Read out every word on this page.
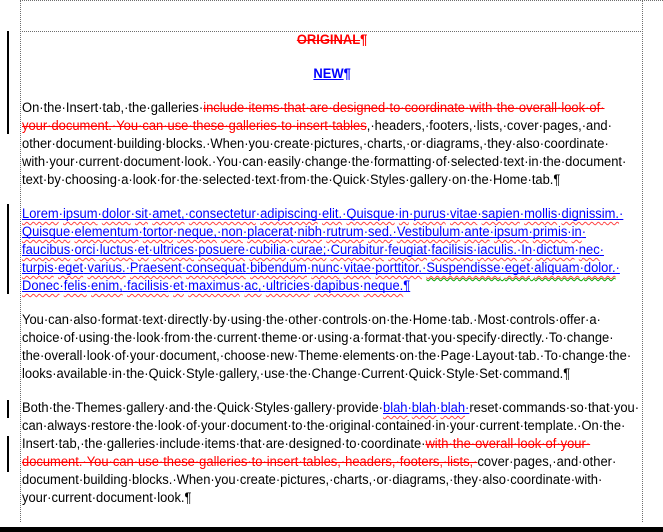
ORIGINAL¶
NEW¶
On·the·Insert·tab,·the·galleries·include·items·that·are·designed·to·coordinate·with·the·overall·look·of·
your·document.·You·can·use·these·galleries·to·insert·tables,·headers,·footers,·lists,·cover·pages,·and·
other·document·building·blocks.·When·you·create·pictures,·charts,·or·diagrams,·they·also·coordinate·
with·your·current·document·look.·You·can·easily·change·the·formatting·of·selected·text·in·the·document·
text·by·choosing·a·look·for·the·selected·text·from·the·Quick·Styles·gallery·on·the·Home·tab.¶
Lorem·ipsum·dolor·sit·amet,·consectetur·adipiscing·elit.·Quisque·in·purus·vitae·sapien·mollis·dignissim.·
Quisque·elementum·tortor·neque,·non·placerat·nibh·rutrum·sed.·Vestibulum·ante·ipsum·primis·in·
faucibus·orci·luctus·et·ultrices·posuere·cubilia·curae;·Curabitur·feugiat·facilisis·iaculis.·In·dictum·nec·
turpis·eget·varius.·Praesent·consequat·bibendum·nunc·vitae·porttitor.·Suspendisse·eget·aliquam·dolor.·
Donec·felis·enim,·facilisis·et·maximus·ac,·ultricies·dapibus·neque.¶
You·can·also·format·text·directly·by·using·the·other·controls·on·the·Home·tab.·Most·controls·offer·a·
choice·of·using·the·look·from·the·current·theme·or·using·a·format·that·you·specify·directly.·To·change·
the·overall·look·of·your·document,·choose·new·Theme·elements·on·the·Page·Layout·tab.·To·change·the·
looks·available·in·the·Quick·Style·gallery,·use·the·Change·Current·Quick·Style·Set·command.¶
Both·the·Themes·gallery·and·the·Quick·Styles·gallery·provide·blah·blah·blah·reset·commands·so·that·you·
can·always·restore·the·look·of·your·document·to·the·original·contained·in·your·current·template.·On·the·
Insert·tab,·the·galleries·include·items·that·are·designed·to·coordinate·with·the·overall·look·of·your·
document.·You·can·use·these·galleries·to·insert·tables,·headers,·footers,·lists,·cover·pages,·and·other·
document·building·blocks.·When·you·create·pictures,·charts,·or·diagrams,·they·also·coordinate·with·
your·current·document·look.¶
